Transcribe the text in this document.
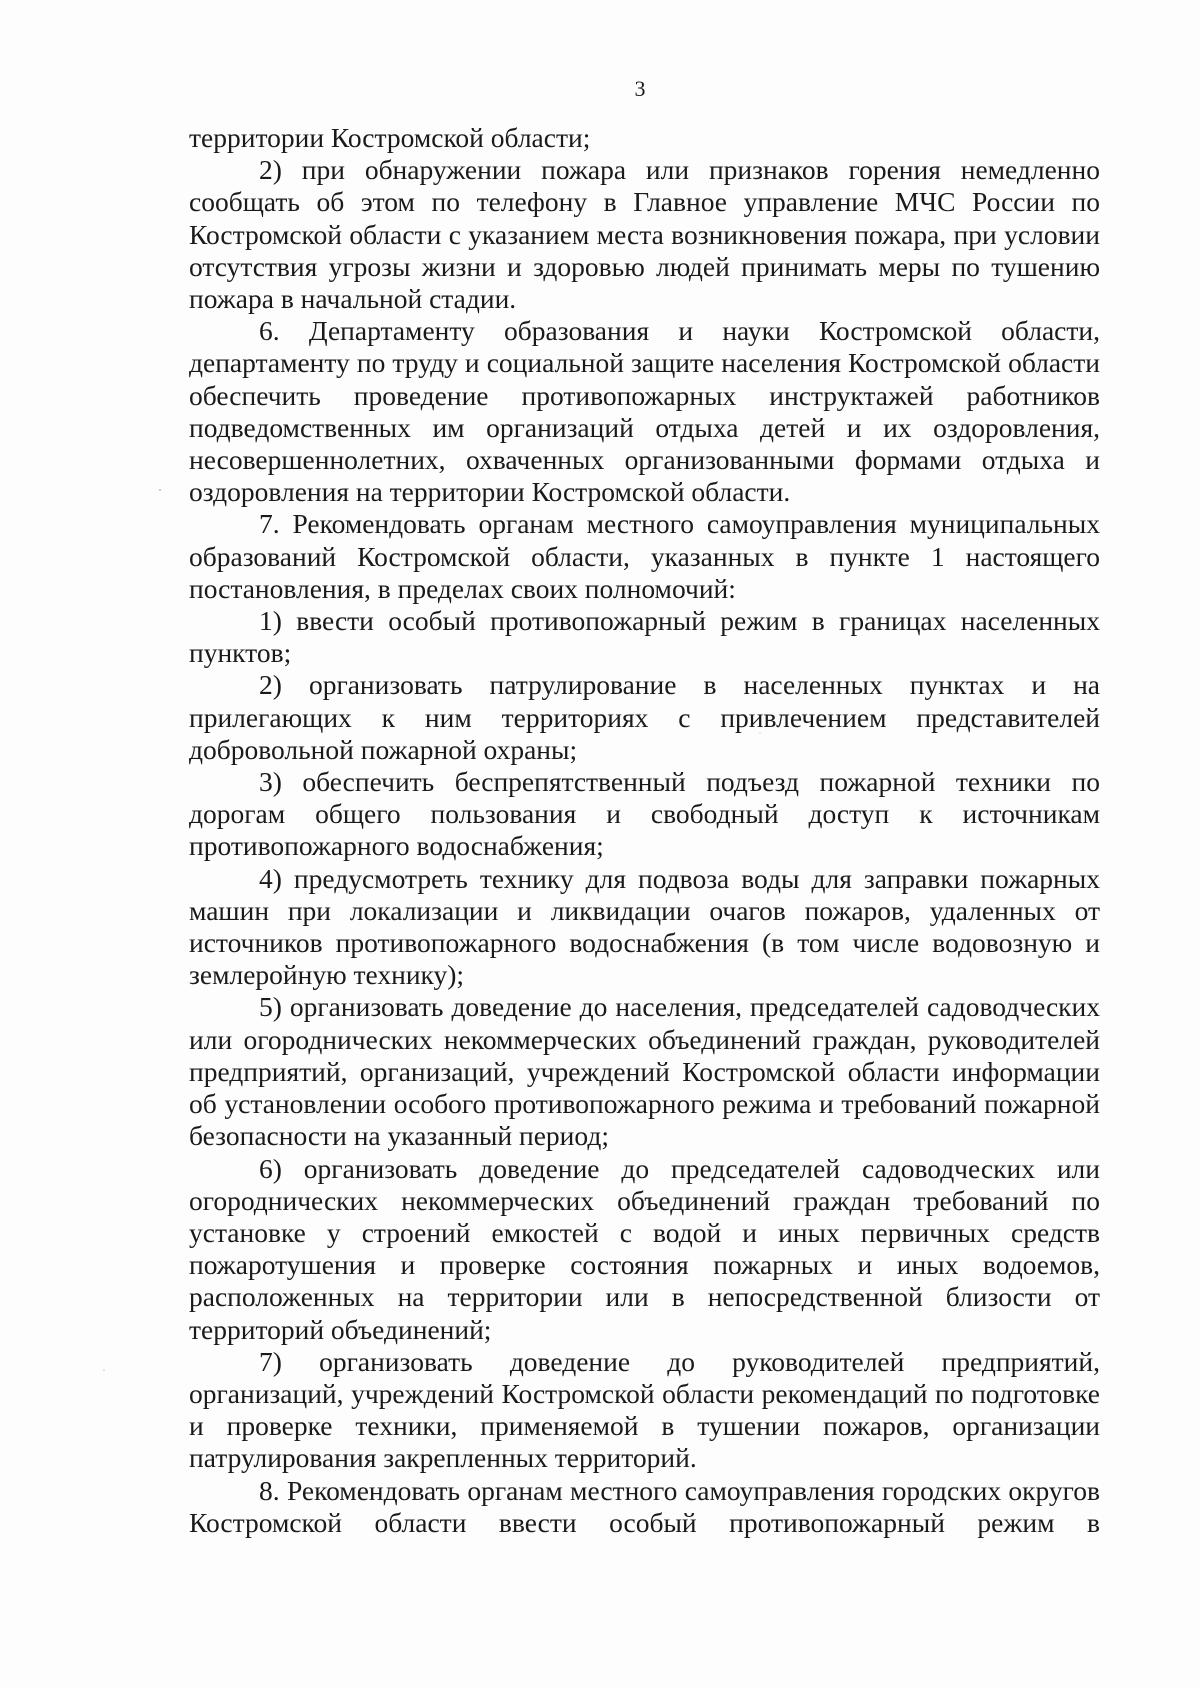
3

территории Костромской области;

2) при обнаружении пожара или признаков горения немедленно сообщать об этом по телефону в Главное управление МЧС России по Костромской области с указанием места возникновения пожара, при условии отсутствия угрозы жизни и здоровью людей принимать меры по тушению пожара в начальной стадии.

6. Департаменту образования и науки Костромской области, департаменту по труду и социальной защите населения Костромской области обеспечить проведение противопожарных инструктажей работников подведомственных им организаций отдыха детей и их оздоровления, несовершеннолетних, охваченных организованными формами отдыха и оздоровления на территории Костромской области.

7. Рекомендовать органам местного самоуправления муниципальных образований Костромской области, указанных в пункте 1 настоящего постановления, в пределах своих полномочий:

1) ввести особый противопожарный режим в границах населенных пунктов;

2) организовать патрулирование в населенных пунктах и на прилегающих к ним территориях с привлечением представителей добровольной пожарной охраны;

3) обеспечить беспрепятственный подъезд пожарной техники по дорогам общего пользования и свободный доступ к источникам противопожарного водоснабжения;

4) предусмотреть технику для подвоза воды для заправки пожарных машин при локализации и ликвидации очагов пожаров, удаленных от источников противопожарного водоснабжения (в том числе водовозную и землеройную технику);

5) организовать доведение до населения, председателей садоводческих или огороднических некоммерческих объединений граждан, руководителей предприятий, организаций, учреждений Костромской области информации об установлении особого противопожарного режима и требований пожарной безопасности на указанный период;

6) организовать доведение до председателей садоводческих или огороднических некоммерческих объединений граждан требований по установке у строений емкостей с водой и иных первичных средств пожаротушения и проверке состояния пожарных и иных водоемов, расположенных на территории или в непосредственной близости от территорий объединений;

7) организовать доведение до руководителей предприятий, организаций, учреждений Костромской области рекомендаций по подготовке и проверке техники, применяемой в тушении пожаров, организации патрулирования закрепленных территорий.

8. Рекомендовать органам местного самоуправления городских округов Костромской области ввести особый противопожарный режим в
